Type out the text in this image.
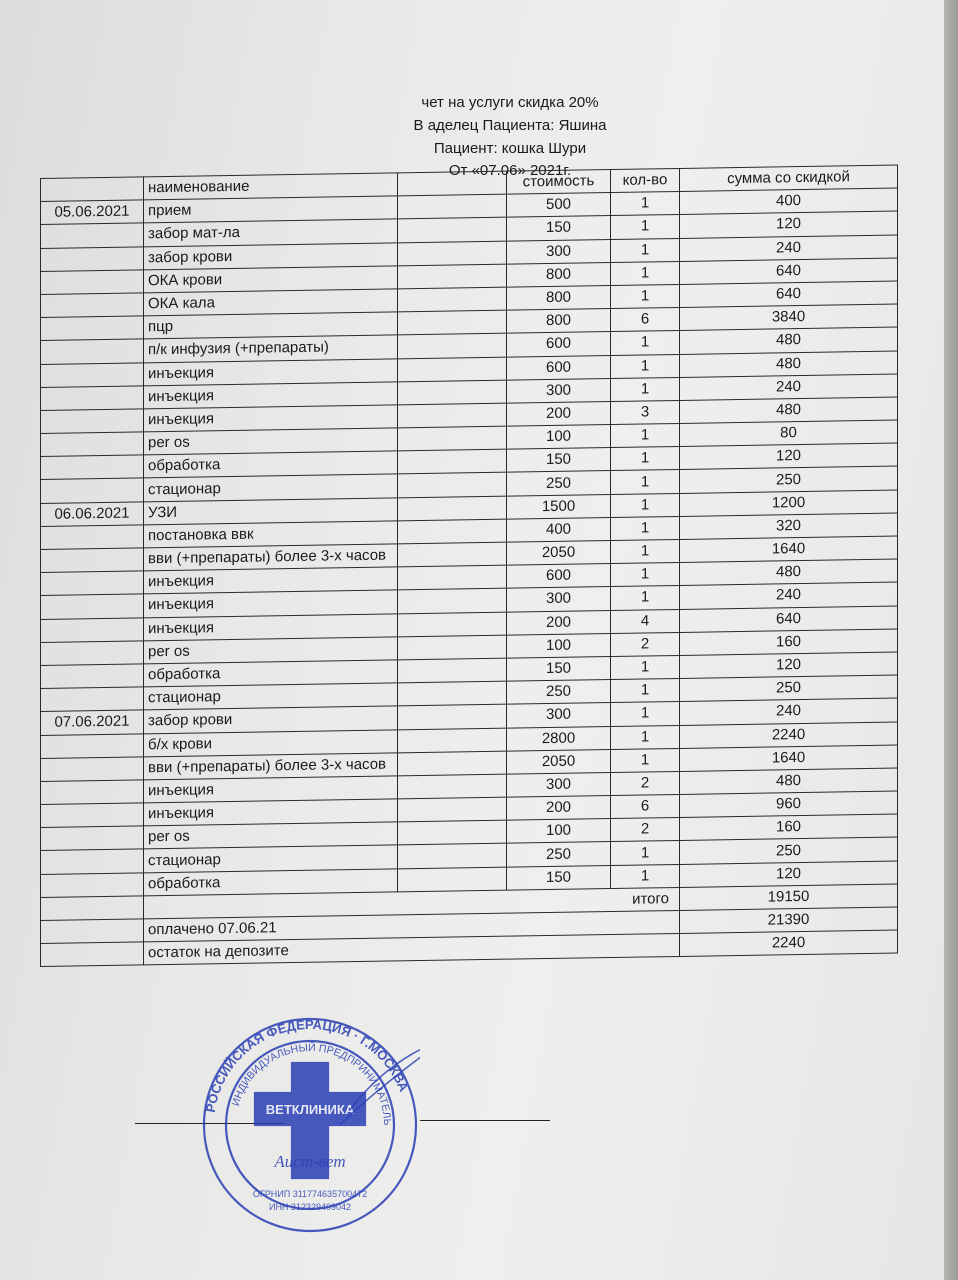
чет на услуги скидка 20%
В аделец Пациента: Яшина
Пациент: кошка Шури
От «07.06» 2021г.
	наименование		стоимость	кол-во	сумма со скидкой
05.06.2021	прием		500	1	400
	забор мат-ла		150	1	120
	забор крови		300	1	240
	ОКА крови		800	1	640
	ОКА кала		800	1	640
	пцр		800	6	3840
	п/к инфузия (+препараты)		600	1	480
	инъекция		600	1	480
	инъекция		300	1	240
	инъекция		200	3	480
	per os		100	1	80
	обработка		150	1	120
	стационар		250	1	250
06.06.2021	УЗИ		1500	1	1200
	постановка ввк		400	1	320
	вви (+препараты) более 3-х часов		2050	1	1640
	инъекция		600	1	480
	инъекция		300	1	240
	инъекция		200	4	640
	per os		100	2	160
	обработка		150	1	120
	стационар		250	1	250
07.06.2021	забор крови		300	1	240
	б/х крови		2800	1	2240
	вви (+препараты) более 3-х часов		2050	1	1640
	инъекция		300	2	480
	инъекция		200	6	960
	per os		100	2	160
	стационар		250	1	250
	обработка		150	1	120
	итого				19150
	оплачено 07.06.21				21390
	остаток на депозите				2240
РОССИЙСКАЯ ФЕДЕРАЦИЯ · Г.МОСКВА
ИНДИВИДУАЛЬНЫЙ ПРЕДПРИНИМАТЕЛЬ
ВЕТКЛИНИКА
Аист-вет
ОГРНИП 311774635700472
ИНН 312329409042
